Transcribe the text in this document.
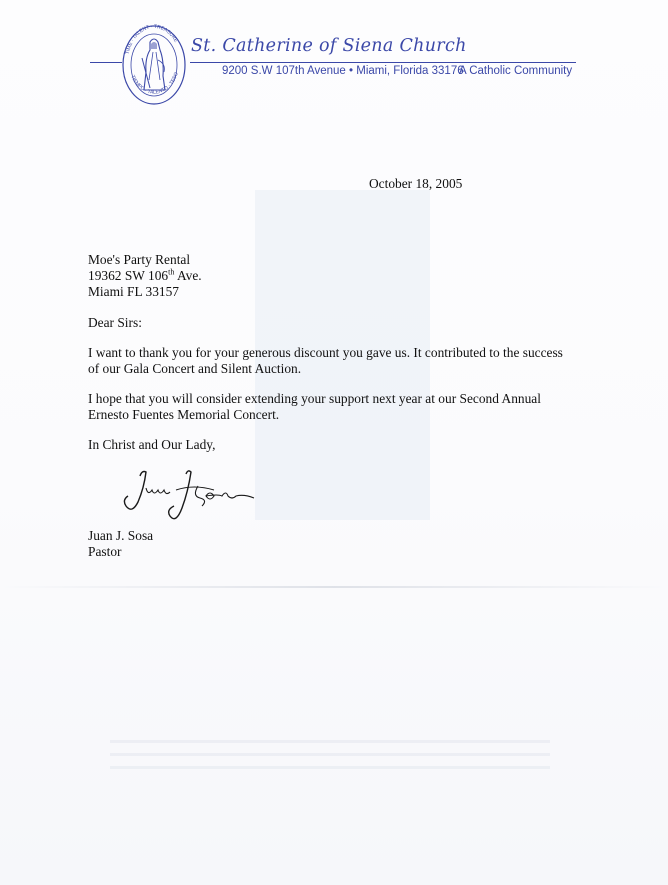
TIME · TALENT · TREASURE
TIEMPO · TALENTO · TESO
St. Catherine of Siena Church
9200 S.W 107th Avenue • Miami, Florida 33176
A Catholic Community
October 18, 2005
Moe's Party Rental
19362 SW 106th Ave.
Miami FL 33157
Dear Sirs:
I want to thank you for your generous discount you gave us. It contributed to the success
of our Gala Concert and Silent Auction.
I hope that you will consider extending your support next year at our Second Annual
Ernesto Fuentes Memorial Concert.
In Christ and Our Lady,
Juan J. Sosa
Pastor
